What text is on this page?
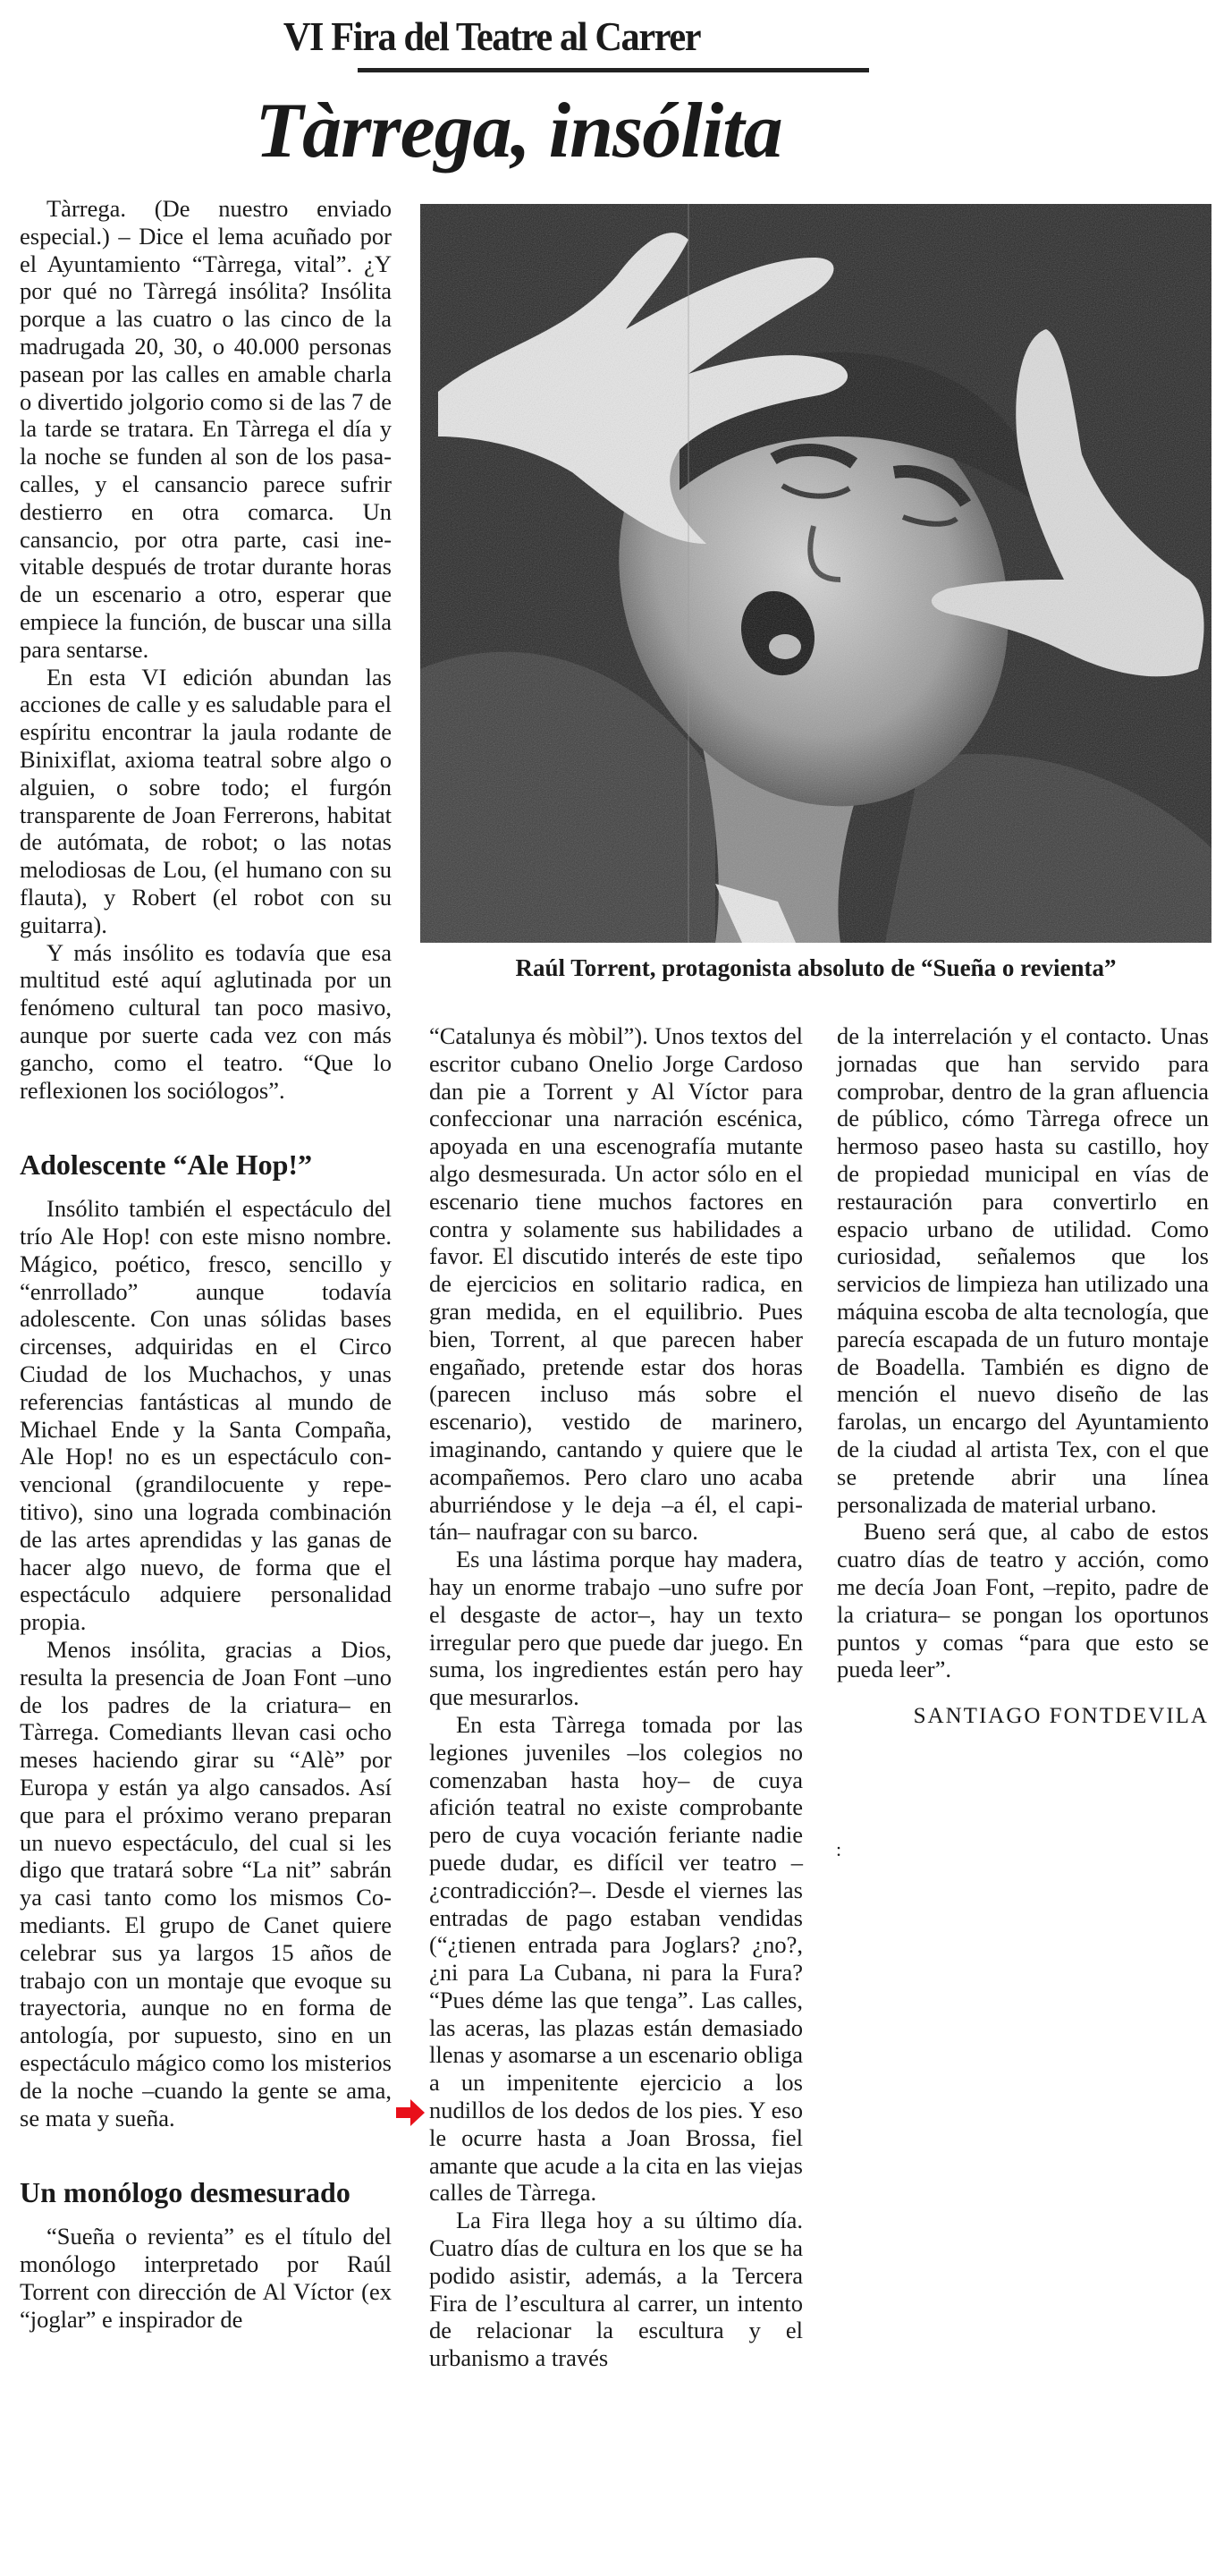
VI Fira del Teatre al Carrer
Tàrrega, insólita
Raúl Torrent, protagonista absoluto de “Sueña o revienta”

Tàrrega. (De nuestro enviado especial.) – Dice el lema acuñado por el Ayuntamiento “Tàrrega, vital”. ¿Y por qué no Tàrregá insólita? Insólita porque a las cuatro o las cinco de la madrugada 20, 30, o 40.000 personas pasean por las calles en amable charla o divertido jolgorio como si de las 7 de la tarde se tratara. En Tàrrega el día y la noche se funden al son de los pasacalles, y el cansancio parece sufrir destierro en otra comarca. Un cansancio, por otra parte, casi inevitable después de trotar durante horas de un escenario a otro, esperar que empiece la función, de buscar una silla para sentarse.

En esta VI edición abundan las acciones de calle y es saludable para el espíritu encontrar la jaula rodante de Binixiflat, axioma teatral sobre algo o alguien, o sobre todo; el furgón transparente de Joan Ferrerons, habitat de autómata, de robot; o las notas melodiosas de Lou, (el humano con su flauta), y Robert (el robot con su guitarra).

Y más insólito es todavía que esa multitud esté aquí aglutinada por un fenómeno cultural tan poco masivo, aunque por suerte cada vez con más gancho, como el teatro. “Que lo reflexionen los sociólogos”.

Adolescente “Ale Hop!”

Insólito también el espectáculo del trío Ale Hop! con este misno nombre. Mágico, poético, fresco, sencillo y “enrrollado” aunque todavía adolescente. Con unas sólidas bases circenses, adquiridas en el Circo Ciudad de los Muchachos, y unas referencias fantásticas al mundo de Michael Ende y la Santa Compaña, Ale Hop! no es un espectáculo convencional (grandilocuente y repetitivo), sino una lograda combinación de las artes aprendidas y las ganas de hacer algo nuevo, de forma que el espectáculo adquiere personalidad propia.

Menos insólita, gracias a Dios, resulta la presencia de Joan Font –uno de los padres de la criatura– en Tàrrega. Comediants llevan casi ocho meses haciendo girar su “Alè” por Europa y están ya algo cansados. Así que para el próximo verano preparan un nuevo espectáculo, del cual si les digo que tratará sobre “La nit” sabrán ya casi tanto como los mismos Comediants. El grupo de Canet quiere celebrar sus ya largos 15 años de trabajo con un montaje que evoque su trayectoria, aunque no en forma de antología, por supuesto, sino en un espectáculo mágico como los misterios de la noche –cuando la gente se ama, se mata y sueña.

Un monólogo desmesurado

“Sueña o revienta” es el título del monólogo interpretado por Raúl Torrent con dirección de Al Víctor (ex “joglar” e inspirador de

“Catalunya és mòbil”). Unos textos del escritor cubano Onelio Jorge Cardoso dan pie a Torrent y Al Víctor para confeccionar una narración escénica, apoyada en una escenografía mutante algo desmesurada. Un actor sólo en el escenario tiene muchos factores en contra y solamente sus habilidades a favor. El discutido interés de este tipo de ejercicios en solitario radica, en gran medida, en el equilibrio. Pues bien, Torrent, al que parecen haber engañado, pretende estar dos horas (parecen incluso más sobre el escenario), vestido de marinero, imaginando, cantando y quiere que le acompañemos. Pero claro uno acaba aburriéndose y le deja –a él, el capitán– naufragar con su barco.

Es una lástima porque hay madera, hay un enorme trabajo –uno sufre por el desgaste de actor–, hay un texto irregular pero que puede dar juego. En suma, los ingredientes están pero hay que mesurarlos.

En esta Tàrrega tomada por las legiones juveniles –los colegios no comenzaban hasta hoy– de cuya afición teatral no existe comprobante pero de cuya vocación feriante nadie puede dudar, es difícil ver teatro –¿contradicción?–. Desde el viernes las entradas de pago estaban vendidas (“¿tienen entrada para Joglars? ¿no?, ¿ni para La Cubana, ni para la Fura? “Pues déme las que tenga”. Las calles, las aceras, las plazas están demasiado llenas y asomarse a un escenario obliga a un impenitente ejercicio a los nudillos de los dedos de los pies. Y eso le ocurre hasta a Joan Brossa, fiel amante que acude a la cita en las viejas calles de Tàrrega.

La Fira llega hoy a su último día. Cuatro días de cultura en los que se ha podido asistir, además, a la Tercera Fira de l’escultura al carrer, un intento de relacionar la escultura y el urbanismo a través

de la interrelación y el contacto. Unas jornadas que han servido para comprobar, dentro de la gran afluencia de público, cómo Tàrrega ofrece un hermoso paseo hasta su castillo, hoy de propiedad municipal en vías de restauración para convertirlo en espacio urbano de utilidad. Como curiosidad, señalemos que los servicios de limpieza han utilizado una máquina escoba de alta tecnología, que parecía escapada de un futuro montaje de Boadella. También es digno de mención el nuevo diseño de las farolas, un encargo del Ayuntamiento de la ciudad al artista Tex, con el que se pretende abrir una línea personalizada de material urbano.

Bueno será que, al cabo de estos cuatro días de teatro y acción, como me decía Joan Font, –repito, padre de la criatura– se pongan los oportunos puntos y comas “para que esto se pueda leer”.

SANTIAGO FONTDEVILA

:
